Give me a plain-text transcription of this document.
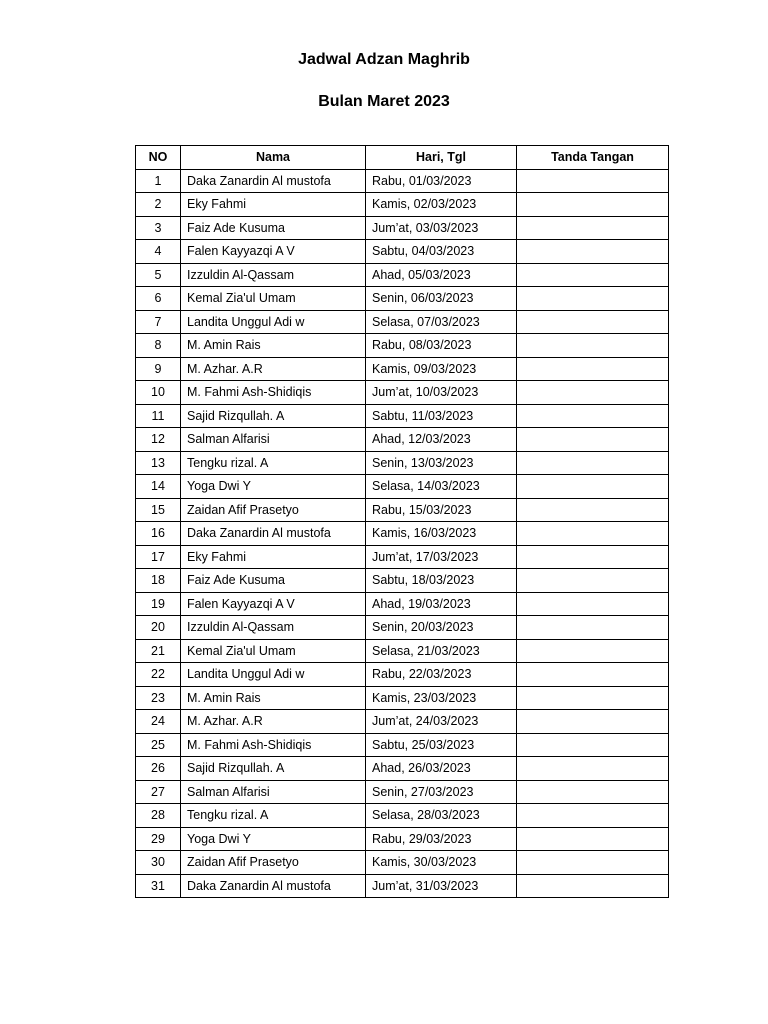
Jadwal Adzan Maghrib
Bulan Maret 2023
NO	Nama	Hari, Tgl	Tanda Tangan
1	Daka Zanardin Al mustofa	Rabu, 01/03/2023	
2	Eky Fahmi	Kamis, 02/03/2023	
3	Faiz Ade Kusuma	Jum’at, 03/03/2023	
4	Falen Kayyazqi A V	Sabtu, 04/03/2023	
5	Izzuldin Al-Qassam	Ahad, 05/03/2023	
6	Kemal Zia'ul Umam	Senin, 06/03/2023	
7	Landita Unggul Adi w	Selasa, 07/03/2023	
8	M. Amin Rais	Rabu, 08/03/2023	
9	M. Azhar. A.R	Kamis, 09/03/2023	
10	M. Fahmi Ash-Shidiqis	Jum’at, 10/03/2023	
11	Sajid Rizqullah. A	Sabtu, 11/03/2023	
12	Salman Alfarisi	Ahad, 12/03/2023	
13	Tengku rizal. A	Senin, 13/03/2023	
14	Yoga Dwi Y	Selasa, 14/03/2023	
15	Zaidan Afif Prasetyo	Rabu, 15/03/2023	
16	Daka Zanardin Al mustofa	Kamis, 16/03/2023	
17	Eky Fahmi	Jum’at, 17/03/2023	
18	Faiz Ade Kusuma	Sabtu, 18/03/2023	
19	Falen Kayyazqi A V	Ahad, 19/03/2023	
20	Izzuldin Al-Qassam	Senin, 20/03/2023	
21	Kemal Zia'ul Umam	Selasa, 21/03/2023	
22	Landita Unggul Adi w	Rabu, 22/03/2023	
23	M. Amin Rais	Kamis, 23/03/2023	
24	M. Azhar. A.R	Jum’at, 24/03/2023	
25	M. Fahmi Ash-Shidiqis	Sabtu, 25/03/2023	
26	Sajid Rizqullah. A	Ahad, 26/03/2023	
27	Salman Alfarisi	Senin, 27/03/2023	
28	Tengku rizal. A	Selasa, 28/03/2023	
29	Yoga Dwi Y	Rabu, 29/03/2023	
30	Zaidan Afif Prasetyo	Kamis, 30/03/2023	
31	Daka Zanardin Al mustofa	Jum’at, 31/03/2023	
